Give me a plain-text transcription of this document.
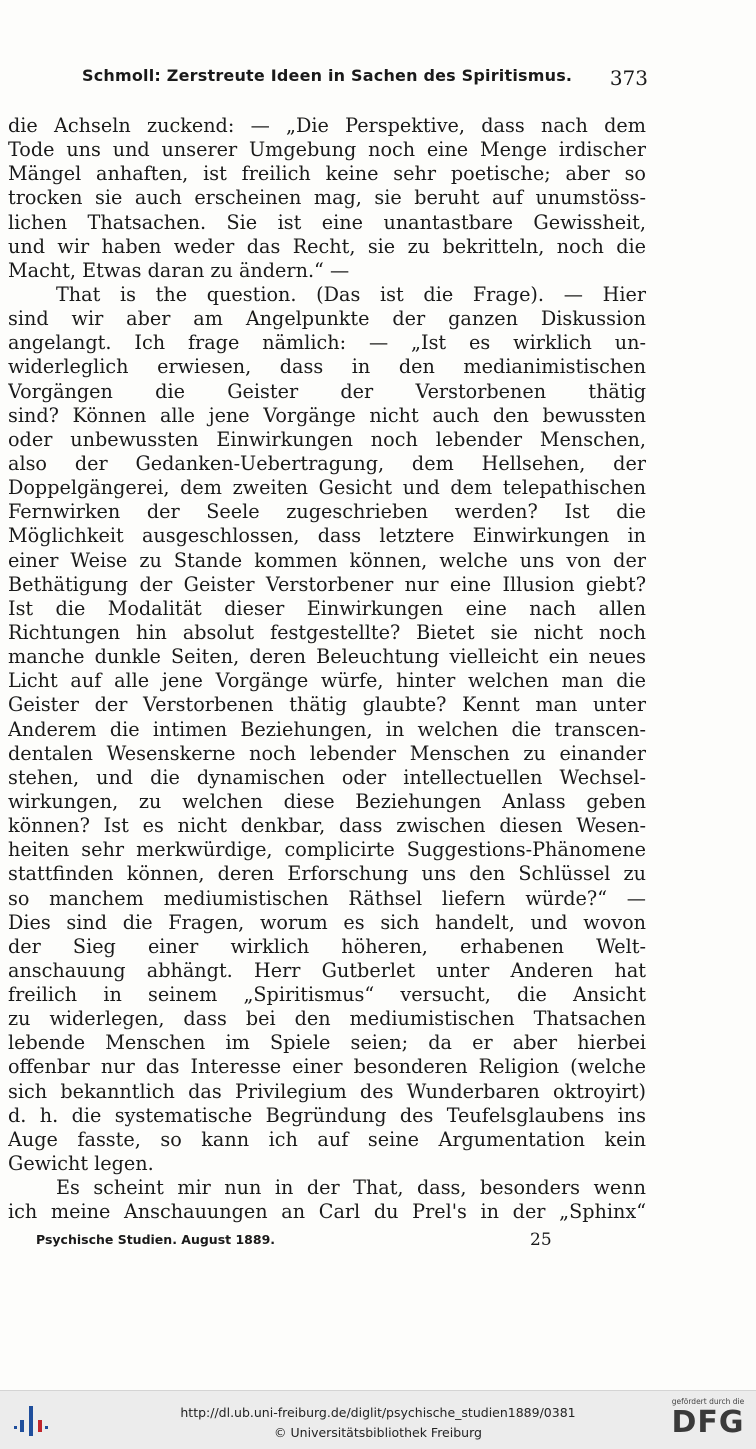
Schmoll: Zerstreute Ideen in Sachen des Spiritismus. 373
die Achseln zuckend: — „Die Perspektive, dass nach dem
Tode uns und unserer Umgebung noch eine Menge irdischer
Mängel anhaften, ist freilich keine sehr poetische; aber so
trocken sie auch erscheinen mag, sie beruht auf unumstöss-
lichen Thatsachen. Sie ist eine unantastbare Gewissheit,
und wir haben weder das Recht, sie zu bekritteln, noch die
Macht, Etwas daran zu ändern.“ —
That is the question. (Das ist die Frage). — Hier
sind wir aber am Angelpunkte der ganzen Diskussion
angelangt. Ich frage nämlich: — „Ist es wirklich un-
widerleglich erwiesen, dass in den medianimistischen
Vorgängen die Geister der Verstorbenen thätig
sind? Können alle jene Vorgänge nicht auch den bewussten
oder unbewussten Einwirkungen noch lebender Menschen,
also der Gedanken-Uebertragung, dem Hellsehen, der
Doppelgängerei, dem zweiten Gesicht und dem telepathischen
Fernwirken der Seele zugeschrieben werden? Ist die
Möglichkeit ausgeschlossen, dass letztere Einwirkungen in
einer Weise zu Stande kommen können, welche uns von der
Bethätigung der Geister Verstorbener nur eine Illusion giebt?
Ist die Modalität dieser Einwirkungen eine nach allen
Richtungen hin absolut festgestellte? Bietet sie nicht noch
manche dunkle Seiten, deren Beleuchtung vielleicht ein neues
Licht auf alle jene Vorgänge würfe, hinter welchen man die
Geister der Verstorbenen thätig glaubte? Kennt man unter
Anderem die intimen Beziehungen, in welchen die transcen-
dentalen Wesenskerne noch lebender Menschen zu einander
stehen, und die dynamischen oder intellectuellen Wechsel-
wirkungen, zu welchen diese Beziehungen Anlass geben
können? Ist es nicht denkbar, dass zwischen diesen Wesen-
heiten sehr merkwürdige, complicirte Suggestions-Phänomene
stattfinden können, deren Erforschung uns den Schlüssel zu
so manchem mediumistischen Räthsel liefern würde?“ —
Dies sind die Fragen, worum es sich handelt, und wovon
der Sieg einer wirklich höheren, erhabenen Welt-
anschauung abhängt. Herr Gutberlet unter Anderen hat
freilich in seinem „Spiritismus“ versucht, die Ansicht
zu widerlegen, dass bei den mediumistischen Thatsachen
lebende Menschen im Spiele seien; da er aber hierbei
offenbar nur das Interesse einer besonderen Religion (welche
sich bekanntlich das Privilegium des Wunderbaren oktroyirt)
d. h. die systematische Begründung des Teufelsglaubens ins
Auge fasste, so kann ich auf seine Argumentation kein
Gewicht legen.
Es scheint mir nun in der That, dass, besonders wenn
ich meine Anschauungen an Carl du Prel's in der „Sphinx“
Psychische Studien. August 1889.	25
http://dl.ub.uni-freiburg.de/diglit/psychische_studien1889/0381
© Universitätsbibliothek Freiburg
gefördert durch die
DFG
